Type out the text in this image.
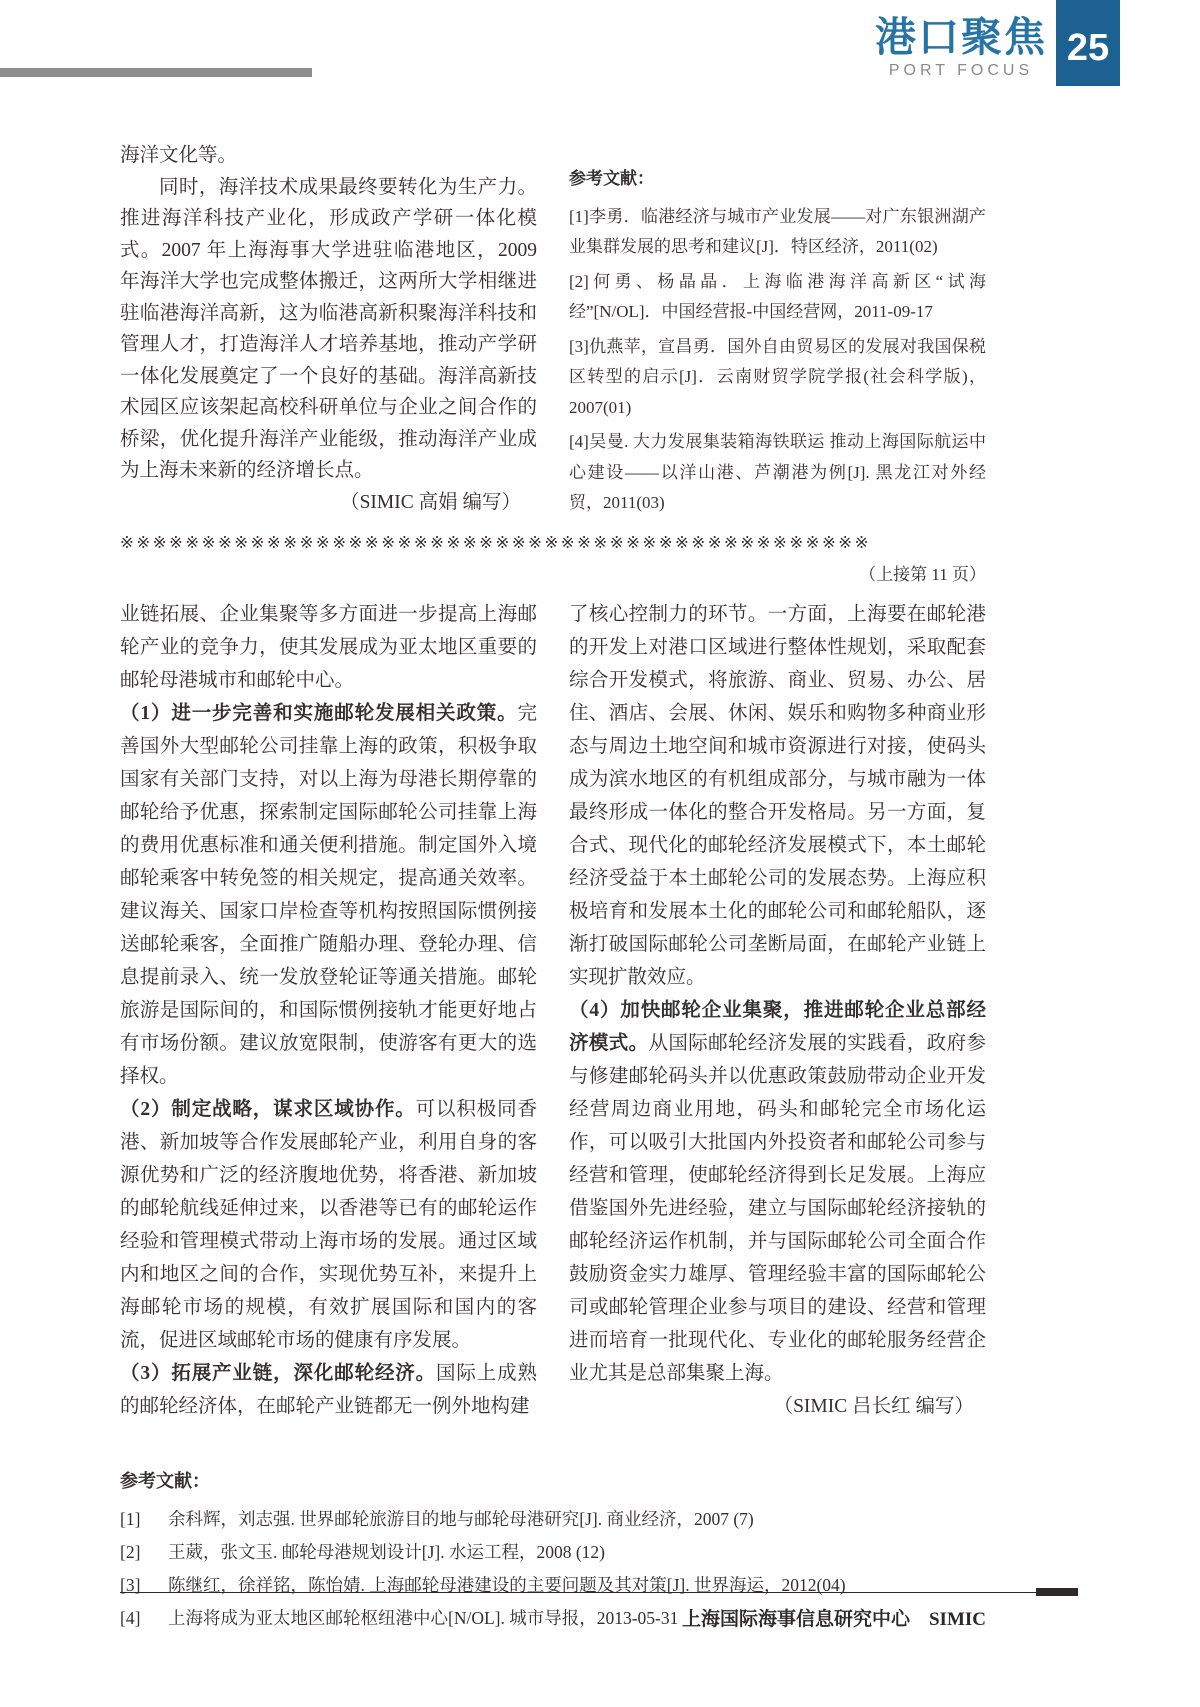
港口聚焦
PORT FOCUS
25

海洋文化等。

同时，海洋技术成果最终要转化为生产力。推进海洋科技产业化，形成政产学研一体化模式。2007 年上海海事大学进驻临港地区，2009 年海洋大学也完成整体搬迁，这两所大学相继进驻临港海洋高新，这为临港高新积聚海洋科技和管理人才，打造海洋人才培养基地，推动产学研一体化发展奠定了一个良好的基础。海洋高新技术园区应该架起高校科研单位与企业之间合作的桥梁，优化提升海洋产业能级，推动海洋产业成为上海未来新的经济增长点。

（SIMIC 高娟 编写）

参考文献：

[1]李勇．临港经济与城市产业发展——对广东银洲湖产业集群发展的思考和建议[J]．特区经济，2011(02)

[2]何勇、杨晶晶．上海临港海洋高新区“试海经”[N/OL]．中国经营报-中国经营网，2011-09-17

[3]仇燕苹，宣昌勇．国外自由贸易区的发展对我国保税区转型的启示[J]．云南财贸学院学报(社会科学版)，2007(01)

[4]吴曼. 大力发展集装箱海铁联运 推动上海国际航运中心建设——以洋山港、芦潮港为例[J]. 黑龙江对外经贸，2011(03)

※※※※※※※※※※※※※※※※※※※※※※※※※※※※※※※※※※※※※※※※※※※※※※
（上接第 11 页）

业链拓展、企业集聚等多方面进一步提高上海邮轮产业的竞争力，使其发展成为亚太地区重要的邮轮母港城市和邮轮中心。

（1）进一步完善和实施邮轮发展相关政策。完善国外大型邮轮公司挂靠上海的政策，积极争取国家有关部门支持，对以上海为母港长期停靠的邮轮给予优惠，探索制定国际邮轮公司挂靠上海的费用优惠标准和通关便利措施。制定国外入境邮轮乘客中转免签的相关规定，提高通关效率。建议海关、国家口岸检查等机构按照国际惯例接送邮轮乘客，全面推广随船办理、登轮办理、信息提前录入、统一发放登轮证等通关措施。邮轮旅游是国际间的，和国际惯例接轨才能更好地占有市场份额。建议放宽限制，使游客有更大的选择权。

（2）制定战略，谋求区域协作。可以积极同香港、新加坡等合作发展邮轮产业，利用自身的客源优势和广泛的经济腹地优势，将香港、新加坡的邮轮航线延伸过来，以香港等已有的邮轮运作经验和管理模式带动上海市场的发展。通过区域内和地区之间的合作，实现优势互补，来提升上海邮轮市场的规模，有效扩展国际和国内的客流，促进区域邮轮市场的健康有序发展。

（3）拓展产业链，深化邮轮经济。国际上成熟的邮轮经济体，在邮轮产业链都无一例外地构建

了核心控制力的环节。一方面，上海要在邮轮港的开发上对港口区域进行整体性规划，采取配套综合开发模式，将旅游、商业、贸易、办公、居住、酒店、会展、休闲、娱乐和购物多种商业形态与周边土地空间和城市资源进行对接，使码头成为滨水地区的有机组成部分，与城市融为一体最终形成一体化的整合开发格局。另一方面，复合式、现代化的邮轮经济发展模式下，本土邮轮经济受益于本土邮轮公司的发展态势。上海应积极培育和发展本土化的邮轮公司和邮轮船队，逐渐打破国际邮轮公司垄断局面，在邮轮产业链上实现扩散效应。

（4）加快邮轮企业集聚，推进邮轮企业总部经济模式。从国际邮轮经济发展的实践看，政府参与修建邮轮码头并以优惠政策鼓励带动企业开发经营周边商业用地，码头和邮轮完全市场化运作，可以吸引大批国内外投资者和邮轮公司参与经营和管理，使邮轮经济得到长足发展。上海应借鉴国外先进经验，建立与国际邮轮经济接轨的邮轮经济运作机制，并与国际邮轮公司全面合作鼓励资金实力雄厚、管理经验丰富的国际邮轮公司或邮轮管理企业参与项目的建设、经营和管理进而培育一批现代化、专业化的邮轮服务经营企业尤其是总部集聚上海。

（SIMIC 吕长红 编写）

参考文献：
[1]	余科辉，刘志强. 世界邮轮旅游目的地与邮轮母港研究[J]. 商业经济，2007 (7)
[2]	王葳，张文玉. 邮轮母港规划设计[J]. 水运工程，2008 (12)
[3]	陈继红，徐祥铭，陈怡婧. 上海邮轮母港建设的主要问题及其对策[J]. 世界海运，2012(04)
[4]	上海将成为亚太地区邮轮枢纽港中心[N/OL]. 城市导报，2013-05-31 上海国际海事信息研究中心　SIMIC
